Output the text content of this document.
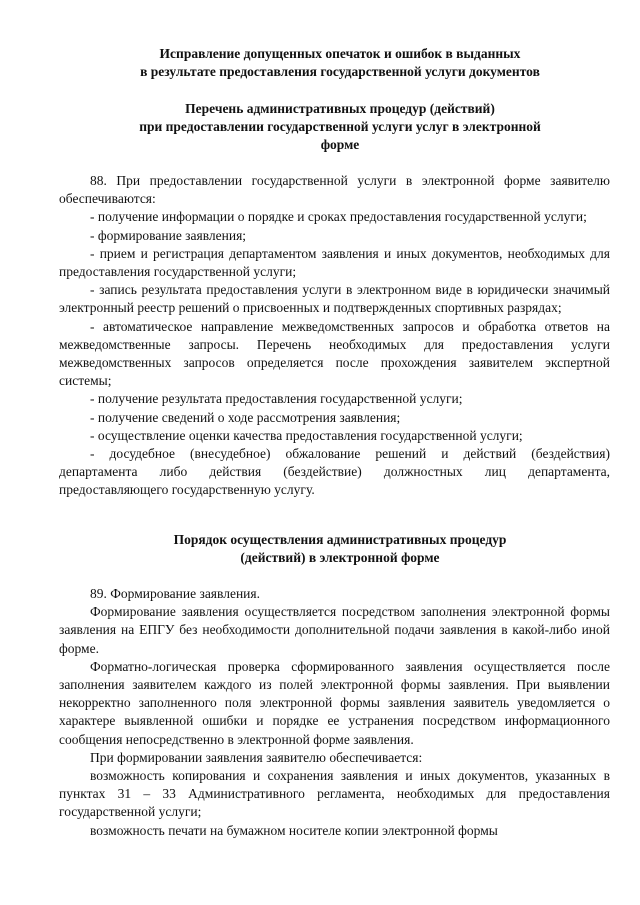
Исправление допущенных опечаток и ошибок в выданных
в результате предоставления государственной услуги документов
Перечень административных процедур (действий)
при предоставлении государственной услуги услуг в электронной
форме

88. При предоставлении государственной услуги в электронной форме заявителю обеспечиваются:

- получение информации о порядке и сроках предоставления государственной услуги;

- формирование заявления;

- прием и регистрация департаментом заявления и иных документов, необходимых для предоставления государственной услуги;

- запись результата предоставления услуги в электронном виде в юридически значимый электронный реестр решений о присвоенных и подтвержденных спортивных разрядах;

- автоматическое направление межведомственных запросов и обработка ответов на межведомственные запросы. Перечень необходимых для предоставления услуги межведомственных запросов определяется после прохождения заявителем экспертной системы;

- получение результата предоставления государственной услуги;

- получение сведений о ходе рассмотрения заявления;

- осуществление оценки качества предоставления государственной услуги;

- досудебное (внесудебное) обжалование решений и действий (бездействия) департамента либо действия (бездействие) должностных лиц департамента, предоставляющего государственную услугу.

Порядок осуществления административных процедур
(действий) в электронной форме

89. Формирование заявления.

Формирование заявления осуществляется посредством заполнения электронной формы заявления на ЕПГУ без необходимости дополнительной подачи заявления в какой-либо иной форме.

Форматно-логическая проверка сформированного заявления осуществляется после заполнения заявителем каждого из полей электронной формы заявления. При выявлении некорректно заполненного поля электронной формы заявления заявитель уведомляется о характере выявленной ошибки и порядке ее устранения посредством информационного сообщения непосредственно в электронной форме заявления.

При формировании заявления заявителю обеспечивается:

возможность копирования и сохранения заявления и иных документов, указанных в пунктах 31 – 33 Административного регламента, необходимых для предоставления государственной услуги;

возможность печати на бумажном носителе копии электронной формы
